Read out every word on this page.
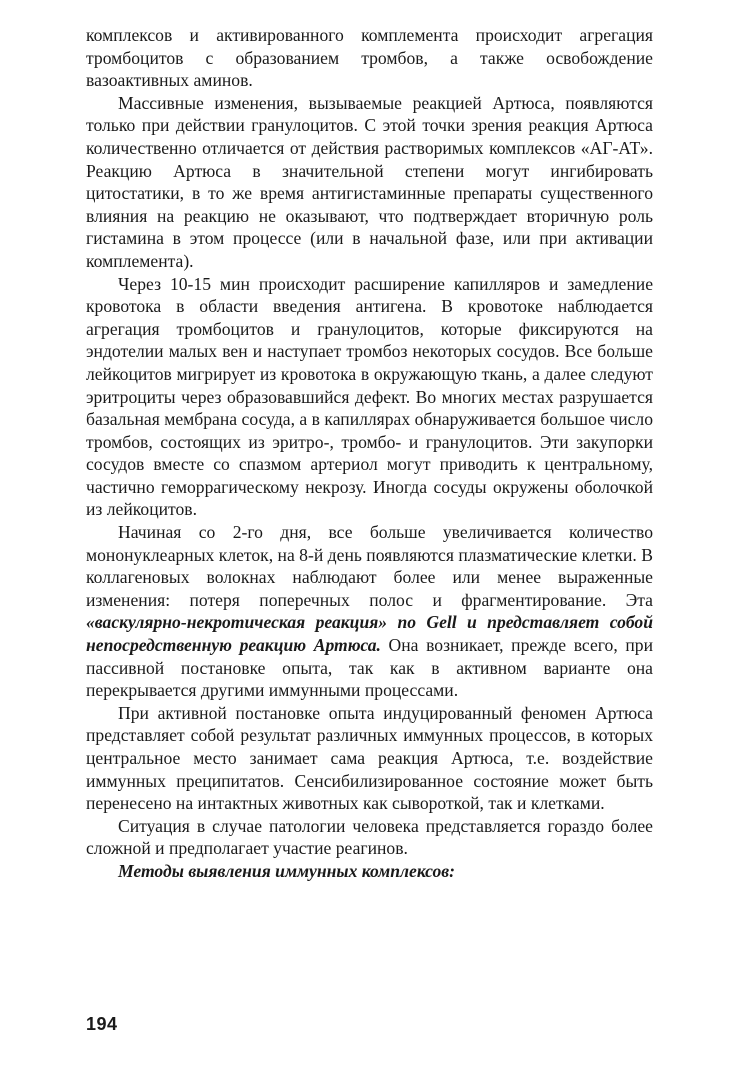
комплексов и активированного комплемента происходит агрегация тромбоцитов с образованием тромбов, а также освобождение вазоактивных аминов.

Массивные изменения, вызываемые реакцией Артюса, появляются только при действии гранулоцитов. С этой точки зрения реакция Артюса количественно отличается от действия растворимых комплексов «АГ-АТ». Реакцию Артюса в значительной степени могут ингибировать цитостатики, в то же время антигистаминные препараты существенного влияния на реакцию не оказывают, что подтверждает вторичную роль гистамина в этом процессе (или в начальной фазе, или при активации комплемента).

Через 10-15 мин происходит расширение капилляров и замедление кровотока в области введения антигена. В кровотоке наблюдается агрегация тромбоцитов и гранулоцитов, которые фиксируются на эндотелии малых вен и наступает тромбоз некоторых сосудов. Все больше лейкоцитов мигрирует из кровотока в окружающую ткань, а далее следуют эритроциты через образовавшийся дефект. Во многих местах разрушается базальная мембрана сосуда, а в капиллярах обнаруживается большое число тромбов, состоящих из эритро-, тромбо- и гранулоцитов. Эти закупорки сосудов вместе со спазмом артериол могут приводить к центральному, частично геморрагическому некрозу. Иногда сосуды окружены оболочкой из лейкоцитов.

Начиная со 2-го дня, все больше увеличивается количество мононуклеарных клеток, на 8-й день появляются плазматические клетки. В коллагеновых волокнах наблюдают более или менее выраженные изменения: потеря поперечных полос и фрагментирование. Эта «васкулярно-некротическая реакция» по Gell и представляет собой непосредственную реакцию Артюса. Она возникает, прежде всего, при пассивной постановке опыта, так как в активном варианте она перекрывается другими иммунными процессами.

При активной постановке опыта индуцированный феномен Артюса представляет собой результат различных иммунных процессов, в которых центральное место занимает сама реакция Артюса, т.е. воздействие иммунных преципитатов. Сенсибилизированное состояние может быть перенесено на интактных животных как сывороткой, так и клетками.

Ситуация в случае патологии человека представляется гораздо более сложной и предполагает участие реагинов.

Методы выявления иммунных комплексов:

194
